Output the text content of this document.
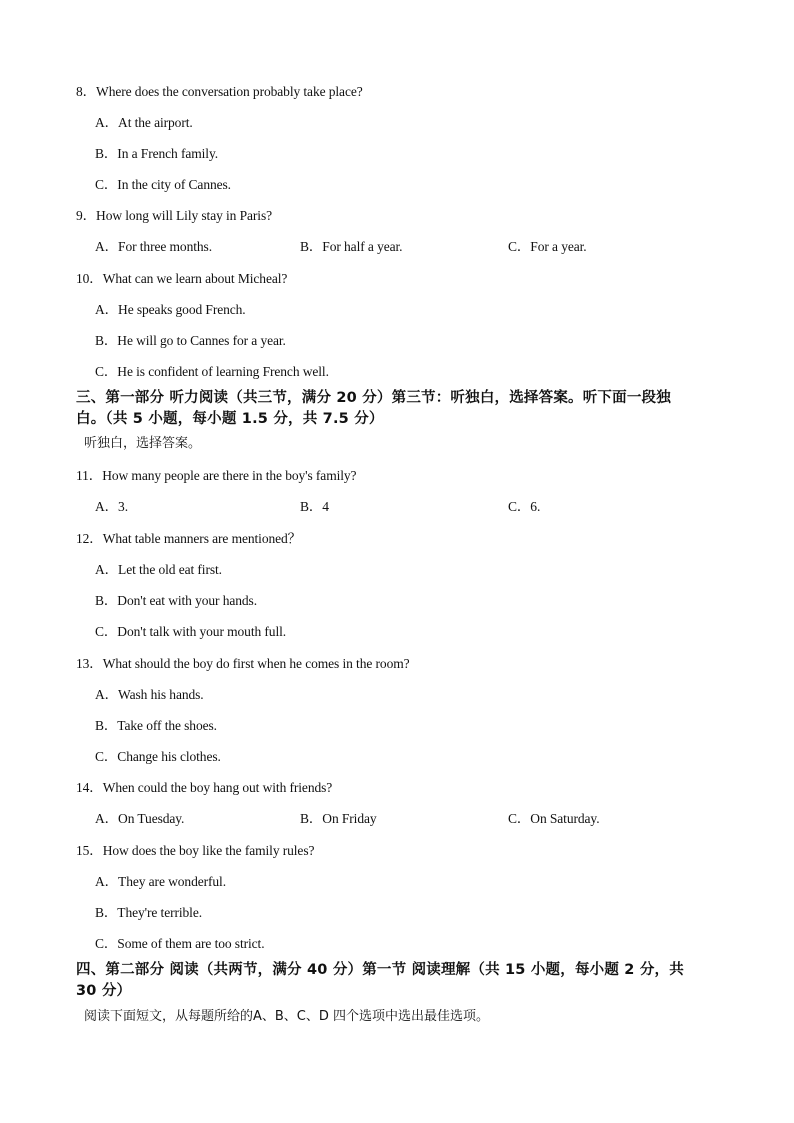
8．Where does the conversation probably take place?
A．At the airport.
B．In a French family.
C．In the city of Cannes.
9．How long will Lily stay in Paris?
A．For three months.	B．For half a year.	C．For a year.
10．What can we learn about Micheal?
A．He speaks good French.
B．He will go to Cannes for a year.
C．He is confident of learning French well.
三、第一部分 听力阅读（共三节，满分 20 分）第三节：听独白，选择答案。听下面一段独
白。（共 5 小题，每小题 1.5 分，共 7.5 分）
听独白，选择答案。
11．How many people are there in the boy's family?
A．3.	B．4	C．6.
12．What table manners are mentioned？
A．Let the old eat first.
B．Don't eat with your hands.
C．Don't talk with your mouth full.
13．What should the boy do first when he comes in the room?
A．Wash his hands.
B．Take off the shoes.
C．Change his clothes.
14．When could the boy hang out with friends?
A．On Tuesday.	B．On Friday	C．On Saturday.
15．How does the boy like the family rules?
A．They are wonderful.
B．They're terrible.
C．Some of them are too strict.
四、第二部分 阅读（共两节，满分 40 分）第一节 阅读理解（共 15 小题，每小题 2 分，共
30 分）
阅读下面短文，从每题所给的A、B、C、D 四个选项中选出最佳选项。
